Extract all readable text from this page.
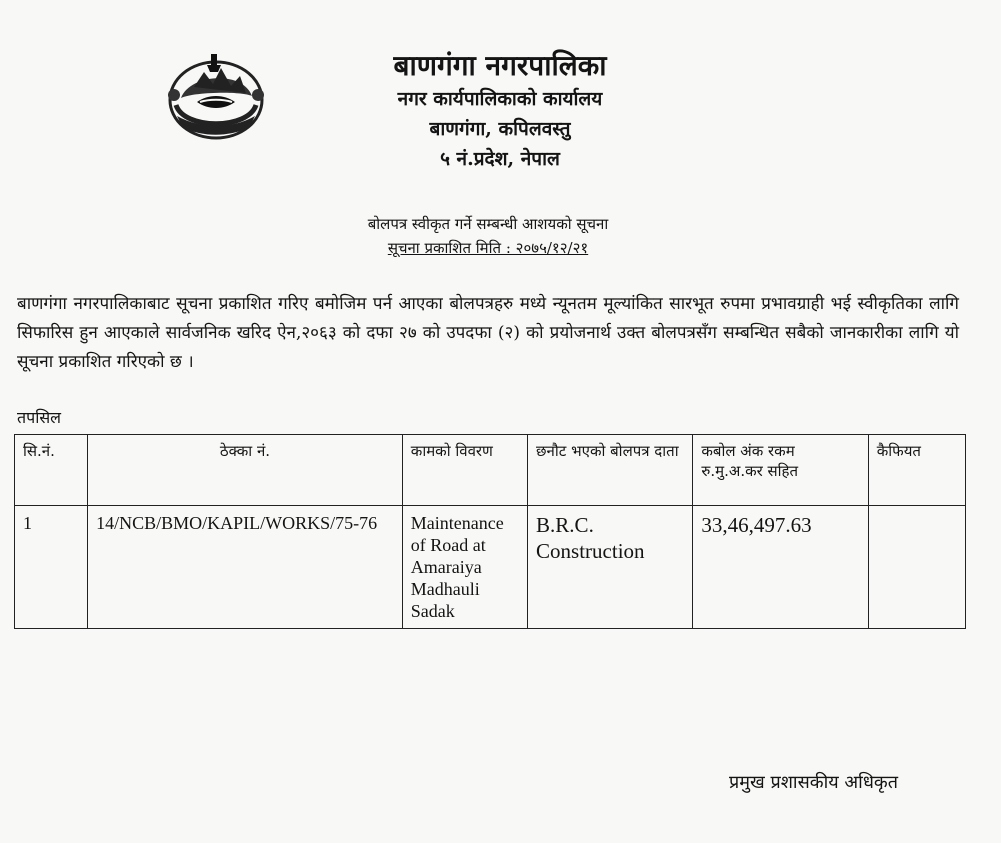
बाणगंगा नगरपालिका
नगर कार्यपालिकाको कार्यालय
बाणगंगा, कपिलवस्तु
५ नं.प्रदेश, नेपाल
बोलपत्र स्वीकृत गर्ने सम्बन्धी आशयको सूचना
सूचना प्रकाशित मिति : २०७५/१२/२१
बाणगंगा नगरपालिकाबाट सूचना प्रकाशित गरिए बमोजिम पर्न आएका बोलपत्रहरु मध्ये न्यूनतम मूल्यांकित सारभूत रुपमा प्रभावग्राही भई स्वीकृतिका लागि सिफारिस हुन आएकाले सार्वजनिक खरिद ऐन,२०६३ को दफा २७ को उपदफा (२) को प्रयोजनार्थ उक्त बोलपत्रसँग सम्बन्धित सबैको जानकारीका लागि यो सूचना प्रकाशित गरिएको छ ।
तपसिल
सि.नं.	ठेक्का नं.	कामको विवरण	छनौट भएको बोलपत्र दाता	कबोल अंक रकम रु.मु.अ.कर सहित	कैफियत
1	14/NCB/BMO/KAPIL/WORKS/75-76	Maintenance of Road at Amaraiya Madhauli Sadak	B.R.C. Construction	33,46,497.63	
प्रमुख प्रशासकीय अधिकृत
